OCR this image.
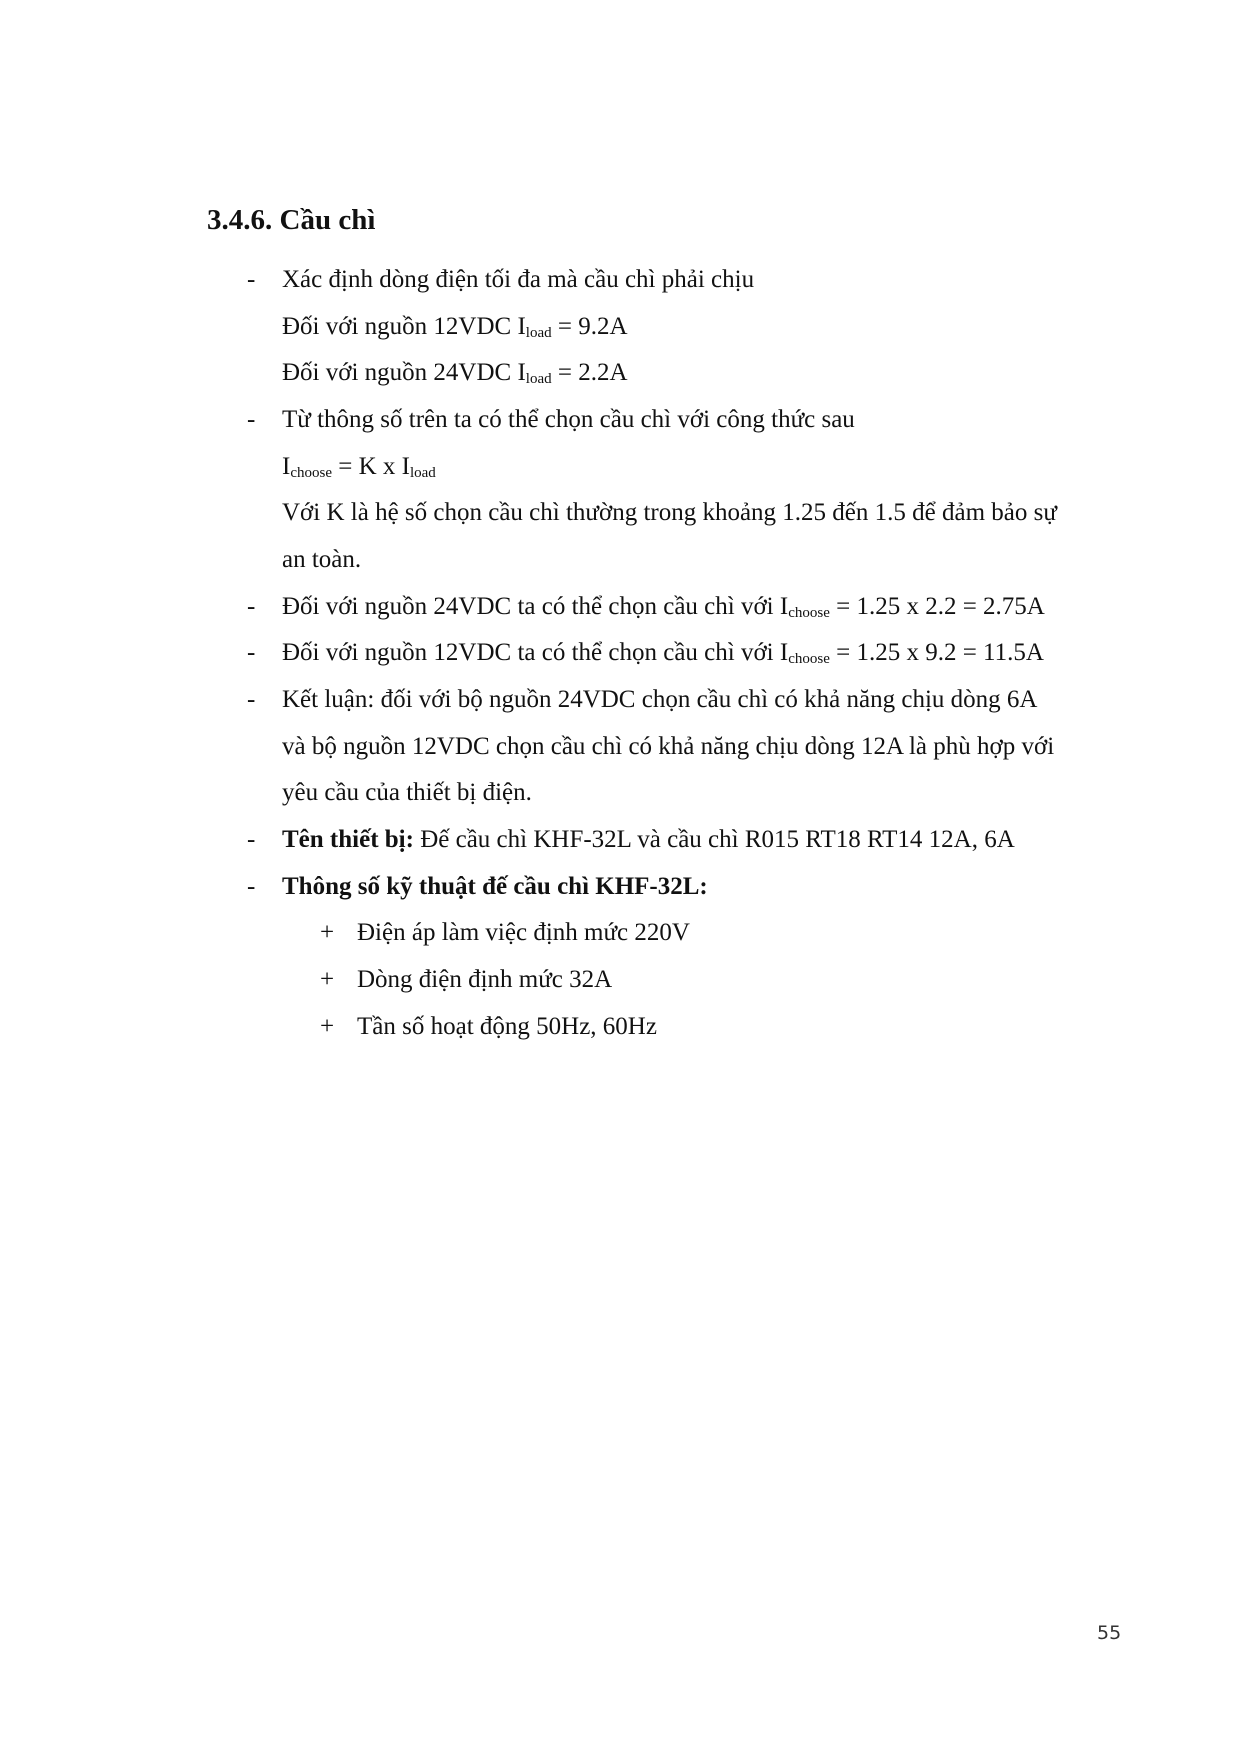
3.4.6. Cầu chì
- Xác định dòng điện tối đa mà cầu chì phải chịu
Đối với nguồn 12VDC $I_{load} = 9.2A$
Đối với nguồn 24VDC $I_{load} = 2.2A$
- Từ thông số trên ta có thể chọn cầu chì với công thức sau
$I_{choose} = K$ x $I_{load}$
Với K là hệ số chọn cầu chì thường trong khoảng 1.25 đến 1.5 để đảm bảo sự
an toàn.
- Đối với nguồn 24VDC ta có thể chọn cầu chì với $I_{choose} = 1.25$ x 2.2 = 2.75A
- Đối với nguồn 12VDC ta có thể chọn cầu chì với $I_{choose} = 1.25$ x 9.2 = 11.5A
- Kết luận: đối với bộ nguồn 24VDC chọn cầu chì có khả năng chịu dòng 6A
và bộ nguồn 12VDC chọn cầu chì có khả năng chịu dòng 12A là phù hợp với
yêu cầu của thiết bị điện.
- Tên thiết bị: Đế cầu chì KHF-32L và cầu chì R015 RT18 RT14 12A, 6A
- Thông số kỹ thuật đế cầu chì KHF-32L:
+ Điện áp làm việc định mức 220V
+ Dòng điện định mức 32A
+ Tần số hoạt động 50Hz, 60Hz
55
